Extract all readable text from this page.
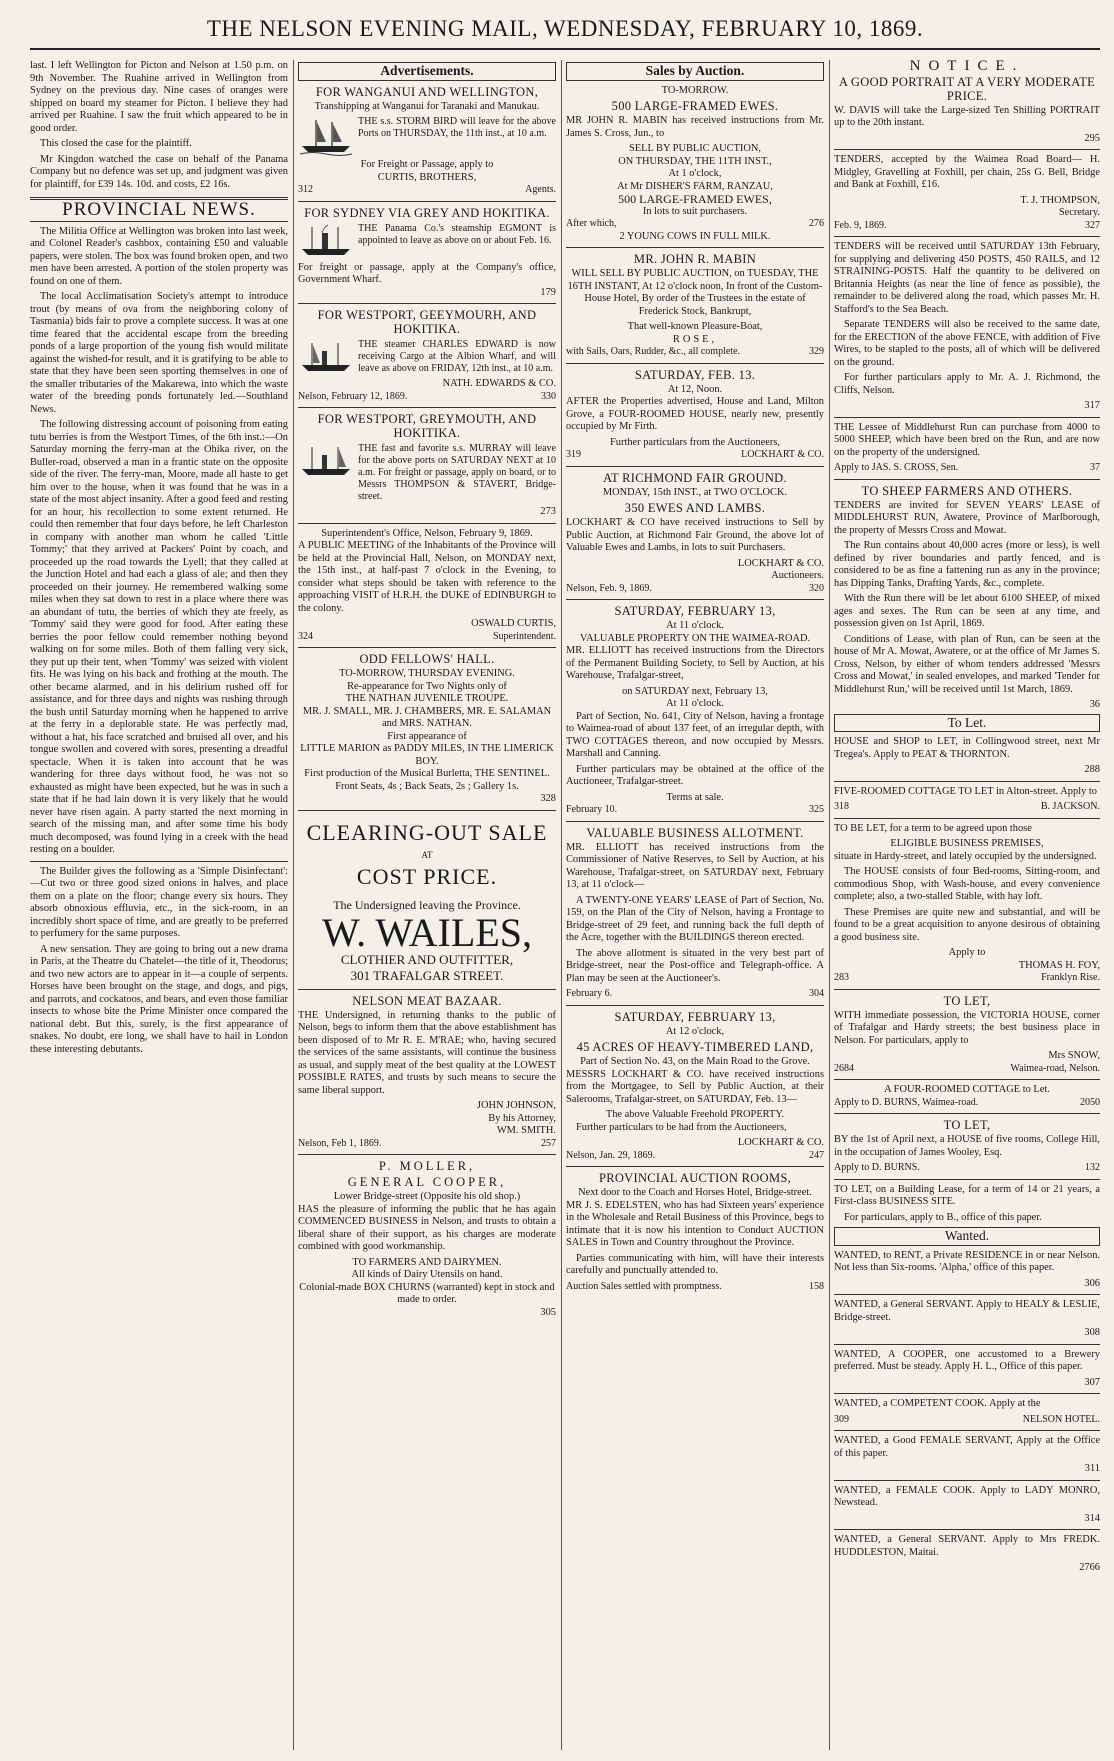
THE NELSON EVENING MAIL, WEDNESDAY, FEBRUARY 10, 1869.

last. I left Wellington for Picton and Nelson at 1.50 p.m. on 9th November. The Ruahine arrived in Wellington from Sydney on the previous day. Nine cases of oranges were shipped on board my steamer for Picton. I believe they had arrived per Ruahine. I saw the fruit which appeared to be in good order.

This closed the case for the plaintiff.

Mr Kingdon watched the case on behalf of the Panama Company but no defence was set up, and judgment was given for plaintiff, for £39 14s. 10d. and costs, £2 16s.

PROVINCIAL NEWS.

The Militia Office at Wellington was broken into last week, and Colonel Reader's cashbox, containing £50 and valuable papers, were stolen. The box was found broken open, and two men have been arrested. A portion of the stolen property was found on one of them.

The local Acclimatisation Society's attempt to introduce trout (by means of ova from the neighboring colony of Tasmania) bids fair to prove a complete success. It was at one time feared that the accidental escape from the breeding ponds of a large proportion of the young fish would militate against the wished-for result, and it is gratifying to be able to state that they have been seen sporting themselves in one of the smaller tributaries of the Makarewa, into which the waste water of the breeding ponds fortunately led.—Southland News.

The following distressing account of poisoning from eating tutu berries is from the Westport Times, of the 6th inst.:—On Saturday morning the ferry-man at the Ohika river, on the Buller-road, observed a man in a frantic state on the opposite side of the river. The ferry-man, Moore, made all haste to get him over to the house, when it was found that he was in a state of the most abject insanity. After a good feed and resting for an hour, his recollection to some extent returned. He could then remember that four days before, he left Charleston in company with another man whom he called 'Little Tommy;' that they arrived at Packers' Point by coach, and proceeded up the road towards the Lyell; that they called at the Junction Hotel and had each a glass of ale; and then they proceeded on their journey. He remembered walking some miles when they sat down to rest in a place where there was an abundant of tutu, the berries of which they ate freely, as 'Tommy' said they were good for food. After eating these berries the poor fellow could remember nothing beyond walking on for some miles. Both of them falling very sick, they put up their tent, when 'Tommy' was seized with violent fits. He was lying on his back and frothing at the mouth. The other became alarmed, and in his delirium rushed off for assistance, and for three days and nights was rushing through the bush until Saturday morning when he happened to arrive at the ferry in a deplorable state. He was perfectly mad, without a hat, his face scratched and bruised all over, and his tongue swollen and covered with sores, presenting a dreadful spectacle. When it is taken into account that he was wandering for three days without food, he was not so exhausted as might have been expected, but he was in such a state that if he had lain down it is very likely that he would never have risen again. A party started the next morning in search of the missing man, and after some time his body much decomposed, was found lying in a creek with the head resting on a boulder.

The Builder gives the following as a 'Simple Disinfectant':—Cut two or three good sized onions in halves, and place them on a plate on the floor; change every six hours. They absorb obnoxious effluvia, etc., in the sick-room, in an incredibly short space of time, and are greatly to be preferred to perfumery for the same purposes.

A new sensation. They are going to bring out a new drama in Paris, at the Theatre du Chatelet—the title of it, Theodorus; and two new actors are to appear in it—a couple of serpents. Horses have been brought on the stage, and dogs, and pigs, and parrots, and cockatoos, and bears, and even those familiar insects to whose bite the Prime Minister once compared the national debt. But this, surely, is the first appearance of snakes. No doubt, ere long, we shall have to hail in London these interesting debutants.

Advertisements.
FOR WANGANUI AND WELLINGTON,
Transhipping at Wanganui for Taranaki and Manukau.
THE s.s. STORM BIRD will leave for the above Ports on THURSDAY, the 11th inst., at 10 a.m.
For Freight or Passage, apply to
CURTIS, BROTHERS,
312	Agents.
FOR SYDNEY VIA GREY AND HOKITIKA.
THE Panama Co.'s steamship EGMONT is appointed to leave as above on or about Feb. 16.
For freight or passage, apply at the Company's office, Government Wharf.
179
FOR WESTPORT, GEEYMOURH, AND HOKITIKA.
THE steamer CHARLES EDWARD is now receiving Cargo at the Albion Wharf, and will leave as above on FRIDAY, 12th inst., at 10 a.m.
NATH. EDWARDS & CO.
Nelson, February 12, 1869.	330
FOR WESTPORT, GREYMOUTH, AND HOKITIKA.
THE fast and favorite s.s. MURRAY will leave for the above ports on SATURDAY NEXT at 10 a.m. For freight or passage, apply on board, or to Messrs THOMPSON & STAVERT, Bridge-street.
273
Superintendent's Office, Nelson, February 9, 1869.

A PUBLIC MEETING of the Inhabitants of the Province will be held at the Provincial Hall, Nelson, on MONDAY next, the 15th inst., at half-past 7 o'clock in the Evening, to consider what steps should be taken with reference to the approaching VISIT of H.R.H. the DUKE of EDINBURGH to the colony.

OSWALD CURTIS,
324	Superintendent.
ODD FELLOWS' HALL.
TO-MORROW, THURSDAY EVENING.
Re-appearance for Two Nights only of
THE NATHAN JUVENILE TROUPE.
MR. J. SMALL, MR. J. CHAMBERS, MR. E. SALAMAN and MRS. NATHAN.
First appearance of
LITTLE MARION as PADDY MILES, IN THE LIMERICK BOY.
First production of the Musical Burletta, THE SENTINEL.
Front Seats, 4s ; Back Seats, 2s ; Gallery 1s.
328
CLEARING-OUT SALE
AT
COST PRICE.
The Undersigned leaving the Province.
W. WAILES,
CLOTHIER AND OUTFITTER,
301 TRAFALGAR STREET.
NELSON MEAT BAZAAR.

THE Undersigned, in returning thanks to the public of Nelson, begs to inform them that the above establishment has been disposed of to Mr R. E. M'RAE; who, having secured the services of the same assistants, will continue the business as usual, and supply meat of the best quality at the LOWEST POSSIBLE RATES, and trusts by such means to secure the same liberal support.

JOHN JOHNSON,
By his Attorney,
WM. SMITH.
Nelson, Feb 1, 1869.	257
P. MOLLER,
GENERAL COOPER,
Lower Bridge-street (Opposite his old shop.)

HAS the pleasure of informing the public that he has again COMMENCED BUSINESS in Nelson, and trusts to obtain a liberal share of their support, as his charges are moderate combined with good workmanship.

TO FARMERS AND DAIRYMEN.
All kinds of Dairy Utensils on hand.
Colonial-made BOX CHURNS (warranted) kept in stock and made to order.
305
Sales by Auction.
TO-MORROW.
500 LARGE-FRAMED EWES.

MR JOHN R. MABIN has received instructions from Mr. James S. Cross, Jun., to

SELL BY PUBLIC AUCTION,
ON THURSDAY, THE 11TH INST.,
At 1 o'clock,
At Mr DISHER'S FARM, RANZAU,
500 LARGE-FRAMED EWES,
In lots to suit purchasers.
After which,	276
2 YOUNG COWS IN FULL MILK.
MR. JOHN R. MABIN

WILL SELL BY PUBLIC AUCTION, on TUESDAY, THE 16TH INSTANT, At 12 o'clock noon, In front of the Custom-House Hotel, By order of the Trustees in the estate of Frederick Stock, Bankrupt,

That well-known Pleasure-Boat,
ROSE,
with Sails, Oars, Rudder, &c., all complete.	329
SATURDAY, FEB. 13.
At 12, Noon.

AFTER the Properties advertised, House and Land, Milton Grove, a FOUR-ROOMED HOUSE, nearly new, presently occupied by Mr Firth.

Further particulars from the Auctioneers,
319	LOCKHART & CO.
AT RICHMOND FAIR GROUND.
MONDAY, 15th INST., at TWO O'CLOCK.
350 EWES AND LAMBS.

LOCKHART & CO have received instructions to Sell by Public Auction, at Richmond Fair Ground, the above lot of Valuable Ewes and Lambs, in lots to suit Purchasers.

LOCKHART & CO.
Auctioneers.
Nelson, Feb. 9, 1869.	320
SATURDAY, FEBRUARY 13,
At 11 o'clock.
VALUABLE PROPERTY ON THE WAIMEA-ROAD.

MR. ELLIOTT has received instructions from the Directors of the Permanent Building Society, to Sell by Auction, at his Warehouse, Trafalgar-street,

on SATURDAY next, February 13,
At 11 o'clock.

Part of Section, No. 641, City of Nelson, having a frontage to Waimea-road of about 137 feet, of an irregular depth, with TWO COTTAGES thereon, and now occupied by Messrs. Marshall and Canning.

Further particulars may be obtained at the office of the Auctioneer, Trafalgar-street.

Terms at sale.
February 10.	325
VALUABLE BUSINESS ALLOTMENT.

MR. ELLIOTT has received instructions from the Commissioner of Native Reserves, to Sell by Auction, at his Warehouse, Trafalgar-street, on SATURDAY next, February 13, at 11 o'clock—

A TWENTY-ONE YEARS' LEASE of Part of Section, No. 159, on the Plan of the City of Nelson, having a Frontage to Bridge-street of 29 feet, and running back the full depth of the Acre, together with the BUILDINGS thereon erected.

The above allotment is situated in the very best part of Bridge-street, near the Post-office and Telegraph-office. A Plan may be seen at the Auctioneer's.

February 6.	304
SATURDAY, FEBRUARY 13,
At 12 o'clock,
45 ACRES OF HEAVY-TIMBERED LAND,
Part of Section No. 43, on the Main Road to the Grove.

MESSRS LOCKHART & CO. have received instructions from the Mortgagee, to Sell by Public Auction, at their Salerooms, Trafalgar-street, on SATURDAY, Feb. 13—

The above Valuable Freehold PROPERTY.

Further particulars to be had from the Auctioneers,

LOCKHART & CO.
Nelson, Jan. 29, 1869.	247
PROVINCIAL AUCTION ROOMS,
Next door to the Coach and Horses Hotel, Bridge-street.

MR J. S. EDELSTEN, who has had Sixteen years' experience in the Wholesale and Retail Business of this Province, begs to intimate that it is now his intention to Conduct AUCTION SALES in Town and Country throughout the Province.

Parties communicating with him, will have their interests carefully and punctually attended to.

Auction Sales settled with promptness.	158
NOTICE.
A GOOD PORTRAIT AT A VERY MODERATE PRICE.

W. DAVIS will take the Large-sized Ten Shilling PORTRAIT up to the 20th instant.

295

TENDERS, accepted by the Waimea Road Board— H. Midgley, Gravelling at Foxhill, per chain, 25s G. Bell, Bridge and Bank at Foxhill, £16.

T. J. THOMPSON,
Secretary.
Feb. 9, 1869.	327

TENDERS will be received until SATURDAY 13th February, for supplying and delivering 450 POSTS, 450 RAILS, and 12 STRAINING-POSTS. Half the quantity to be delivered on Britannia Heights (as near the line of fence as possible), the remainder to be delivered along the road, which passes Mr. H. Stafford's to the Sea Beach.

Separate TENDERS will also be received to the same date, for the ERECTION of the above FENCE, with addition of Five Wires, to be stapled to the posts, all of which will be delivered on the ground.

For further particulars apply to Mr. A. J. Richmond, the Cliffs, Nelson.

317

THE Lessee of Middlehurst Run can purchase from 4000 to 5000 SHEEP, which have been bred on the Run, and are now on the property of the undersigned.

Apply to JAS. S. CROSS, Sen.	37
TO SHEEP FARMERS AND OTHERS.

TENDERS are invited for SEVEN YEARS' LEASE of MIDDLEHURST RUN, Awatere, Province of Marlborough, the property of Messrs Cross and Mowat.

The Run contains about 40,000 acres (more or less), is well defined by river boundaries and partly fenced, and is considered to be as fine a fattening run as any in the province; has Dipping Tanks, Drafting Yards, &c., complete.

With the Run there will be let about 6100 SHEEP, of mixed ages and sexes. The Run can be seen at any time, and possession given on 1st April, 1869.

Conditions of Lease, with plan of Run, can be seen at the house of Mr A. Mowat, Awatere, or at the office of Mr James S. Cross, Nelson, by either of whom tenders addressed 'Messrs Cross and Mowat,' in sealed envelopes, and marked 'Tender for Middlehurst Run,' will be received until 1st March, 1869.

36
To Let.

HOUSE and SHOP to LET, in Collingwood street, next Mr Tregea's. Apply to PEAT & THORNTON.

288

FIVE-ROOMED COTTAGE TO LET in Alton-street. Apply to

318	B. JACKSON.

TO BE LET, for a term to be agreed upon those

ELIGIBLE BUSINESS PREMISES,

situate in Hardy-street, and lately occupied by the undersigned.

The HOUSE consists of four Bed-rooms, Sitting-room, and commodious Shop, with Wash-house, and every convenience complete; also, a two-stalled Stable, with hay loft.

These Premises are quite new and substantial, and will be found to be a great acquisition to anyone desirous of obtaining a good business site.

Apply to
THOMAS H. FOY,
283	Franklyn Rise.
TO LET,

WITH immediate possession, the VICTORIA HOUSE, corner of Trafalgar and Hardy streets; the best business place in Nelson. For particulars, apply to

Mrs SNOW,
2684	Waimea-road, Nelson.
A FOUR-ROOMED COTTAGE to Let.
Apply to D. BURNS, Waimea-road.	2050
TO LET,

BY the 1st of April next, a HOUSE of five rooms, College Hill, in the occupation of James Wooley, Esq.

Apply to D. BURNS.	132

TO LET, on a Building Lease, for a term of 14 or 21 years, a First-class BUSINESS SITE.

For particulars, apply to B., office of this paper.

Wanted.

WANTED, to RENT, a Private RESIDENCE in or near Nelson. Not less than Six-rooms. 'Alpha,' office of this paper.

306

WANTED, a General SERVANT. Apply to HEALY & LESLIE, Bridge-street.

308

WANTED, A COOPER, one accustomed to a Brewery preferred. Must be steady. Apply H. L., Office of this paper.

307

WANTED, a COMPETENT COOK. Apply at the

309	NELSON HOTEL.

WANTED, a Good FEMALE SERVANT, Apply at the Office of this paper.

311

WANTED, a FEMALE COOK. Apply to LADY MONRO, Newstead.

314

WANTED, a General SERVANT. Apply to Mrs FREDK. HUDDLESTON, Maitai.

2766
